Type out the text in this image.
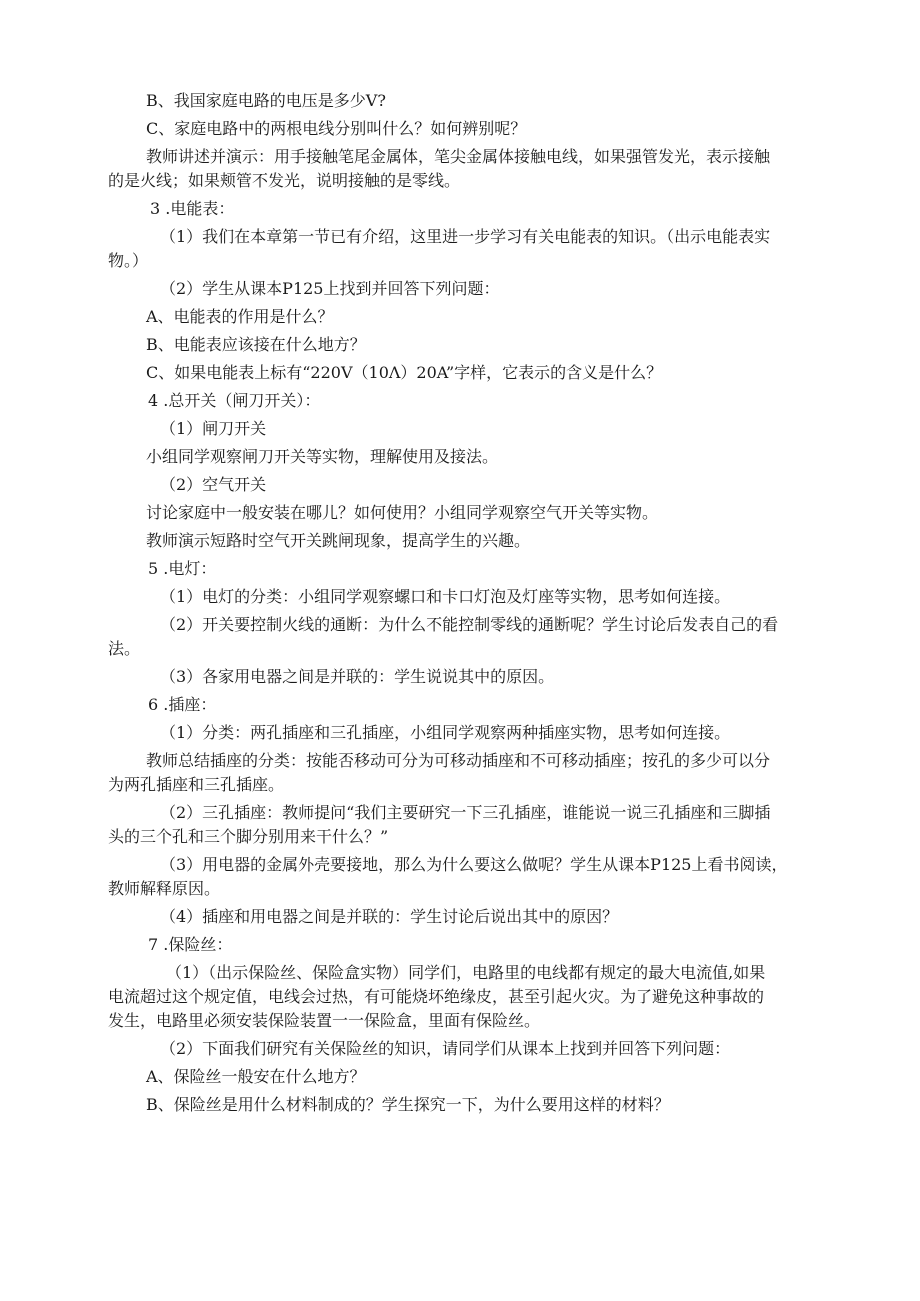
B、我国家庭电路的电压是多少V?

C、家庭电路中的两根电线分别叫什么？如何辨别呢？

教师讲述并演示：用手接触笔尾金属体，笔尖金属体接触电线，如果强管发光，表示接触

的是火线；如果颊管不发光，说明接触的是零线。

3 .电能表：

（1）我们在本章第一节已有介绍，这里进一步学习有关电能表的知识。（出示电能表实

物。）

（2）学生从课本P125上找到并回答下列问题：

A、电能表的作用是什么？

B、电能表应该接在什么地方？

C、如果电能表上标有“220V（10Λ）20A”字样，它表示的含义是什么？

4 .总开关（闸刀开关）：

（1）闸刀开关

小组同学观察闸刀开关等实物，理解使用及接法。

（2）空气开关

讨论家庭中一般安装在哪儿？如何使用？小组同学观察空气开关等实物。

教师演示短路时空气开关跳闸现象，提高学生的兴趣。

5 .电灯：

（1）电灯的分类：小组同学观察螺口和卡口灯泡及灯座等实物，思考如何连接。

（2）开关要控制火线的通断：为什么不能控制零线的通断呢？学生讨论后发表自己的看

法。

（3）各家用电器之间是并联的：学生说说其中的原因。

6 .插座：

（1）分类：两孔插座和三孔插座，小组同学观察两种插座实物，思考如何连接。

教师总结插座的分类：按能否移动可分为可移动插座和不可移动插座；按孔的多少可以分

为两孔插座和三孔插座。

（2）三孔插座：教师提问“我们主要研究一下三孔插座，谁能说一说三孔插座和三脚插

头的三个孔和三个脚分别用来干什么？”

（3）用电器的金属外壳要接地，那么为什么要这么做呢？学生从课本P125上看书阅读，

教师解释原因。

（4）插座和用电器之间是并联的：学生讨论后说出其中的原因？

7 .保险丝：

（1）（出示保险丝、保险盒实物）同学们，电路里的电线都有规定的最大电流值,如果

电流超过这个规定值，电线会过热，有可能烧坏绝缘皮，甚至引起火灾。为了避免这种事故的

发生，电路里必须安装保险装置一一保险盒，里面有保险丝。

（2）下面我们研究有关保险丝的知识，请同学们从课本上找到并回答下列问题：

A、保险丝一般安在什么地方？

B、保险丝是用什么材料制成的？学生探究一下，为什么要用这样的材料？
